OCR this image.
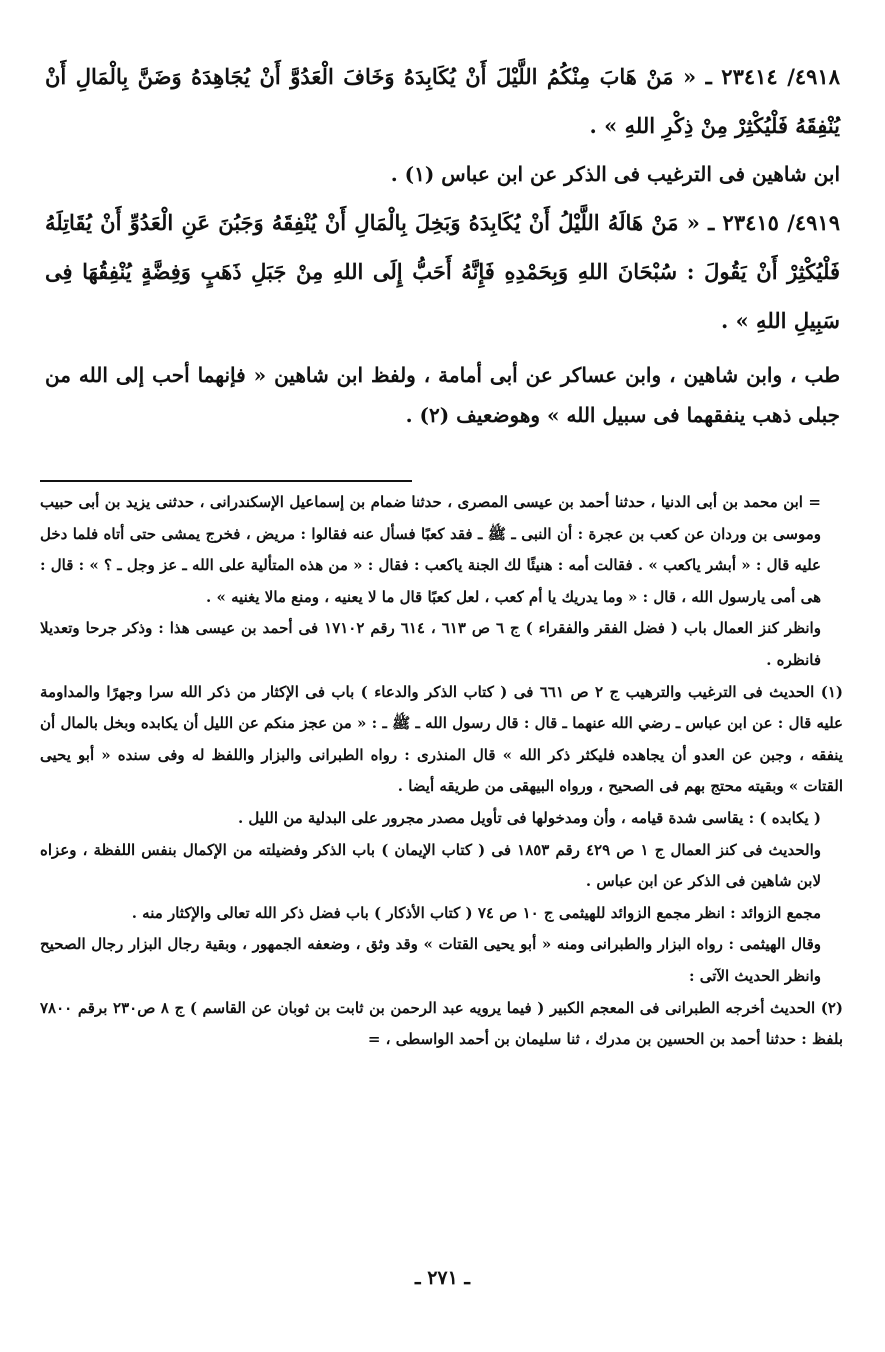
٤٩١٨/ ٢٣٤١٤ ـ « مَنْ هَابَ مِنْكُمُ اللَّيْلَ أَنْ يُكَابِدَهُ وَخَافَ الْعَدُوَّ أَنْ يُجَاهِدَهُ وَضَنَّ بِالْمَالِ أَنْ يُنْفِقَهُ فَلْيُكْثِرْ مِنْ ذِكْرِ اللهِ » .

ابن شاهين فى الترغيب فى الذكر عن ابن عباس (١) .

٤٩١٩/ ٢٣٤١٥ ـ « مَنْ هَالَهُ اللَّيْلُ أَنْ يُكَابِدَهُ وَبَخِلَ بِالْمَالِ أَنْ يُنْفِقَهُ وَجَبُنَ عَنِ الْعَدُوِّ أَنْ يُقَاتِلَهُ فَلْيُكْثِرْ أَنْ يَقُولَ : سُبْحَانَ اللهِ وَبِحَمْدِهِ فَإِنَّهُ أَحَبُّ إِلَى اللهِ مِنْ جَبَلِ ذَهَبٍ وَفِضَّةٍ يُنْفِقُهَا فِى سَبِيلِ اللهِ » .

طب ، وابن شاهين ، وابن عساكر عن أبى أمامة ، ولفظ ابن شاهين « فإنهما أحب إلى الله من جبلى ذهب ينفقهما فى سبيل الله » وهوضعيف (٢) .

= ابن محمد بن أبى الدنيا ، حدثنا أحمد بن عيسى المصرى ، حدثنا ضمام بن إسماعيل الإسكندرانى ، حدثنى يزيد بن أبى حبيب وموسى بن وردان عن كعب بن عجرة : أن النبى ـ ﷺ ـ فقد كعبًا فسأل عنه فقالوا : مريض ، فخرج يمشى حتى أتاه فلما دخل عليه قال : « أبشر ياكعب » . فقالت أمه : هنيئًا لك الجنة ياكعب : فقال : « من هذه المتألية على الله ـ عز وجل ـ ؟ » : قال : هى أمى يارسول الله ، قال : « وما يدريك يا أم كعب ، لعل كعبًا قال ما لا يعنيه ، ومنع مالا يغنيه » .

وانظر كنز العمال باب ( فضل الفقر والفقراء ) ج ٦ ص ٦١٣ ، ٦١٤ رقم ١٧١٠٢ فى أحمد بن عيسى هذا : وذكر جرحا وتعديلا فانظره .

(١) الحديث فى الترغيب والترهيب ج ٢ ص ٦٦١ فى ( كتاب الذكر والدعاء ) باب فى الإكثار من ذكر الله سرا وجهرًا والمداومة عليه قال : عن ابن عباس ـ رضي الله عنهما ـ قال : قال رسول الله ـ ﷺ ـ : « من عجز منكم عن الليل أن يكابده وبخل بالمال أن ينفقه ، وجبن عن العدو أن يجاهده فليكثر ذكر الله » قال المنذرى : رواه الطبرانى والبزار واللفظ له وفى سنده « أبو يحيى القتات » وبقيته محتج بهم فى الصحيح ، ورواه البيهقى من طريقه أيضا .

( يكابده ) : يقاسى شدة قيامه ، وأن ومدخولها فى تأويل مصدر مجرور على البدلية من الليل .

والحديث فى كنز العمال ج ١ ص ٤٢٩ رقم ١٨٥٣ فى ( كتاب الإيمان ) باب الذكر وفضيلته من الإكمال بنفس اللفظة ، وعزاه لابن شاهين فى الذكر عن ابن عباس .

مجمع الزوائد : انظر مجمع الزوائد للهيثمى ج ١٠ ص ٧٤ ( كتاب الأذكار ) باب فضل ذكر الله تعالى والإكثار منه .

وقال الهيثمى : رواه البزار والطبرانى ومنه « أبو يحيى القتات » وقد وثق ، وضعفه الجمهور ، وبقية رجال البزار رجال الصحيح وانظر الحديث الآتى :

(٢) الحديث أخرجه الطبرانى فى المعجم الكبير ( فيما يرويه عبد الرحمن بن ثابت بن ثوبان عن القاسم ) ج ٨ ص٢٣٠ برقم ٧٨٠٠ بلفظ : حدثنا أحمد بن الحسين بن مدرك ، ثنا سليمان بن أحمد الواسطى ، =

ـ ٢٧١ ـ
